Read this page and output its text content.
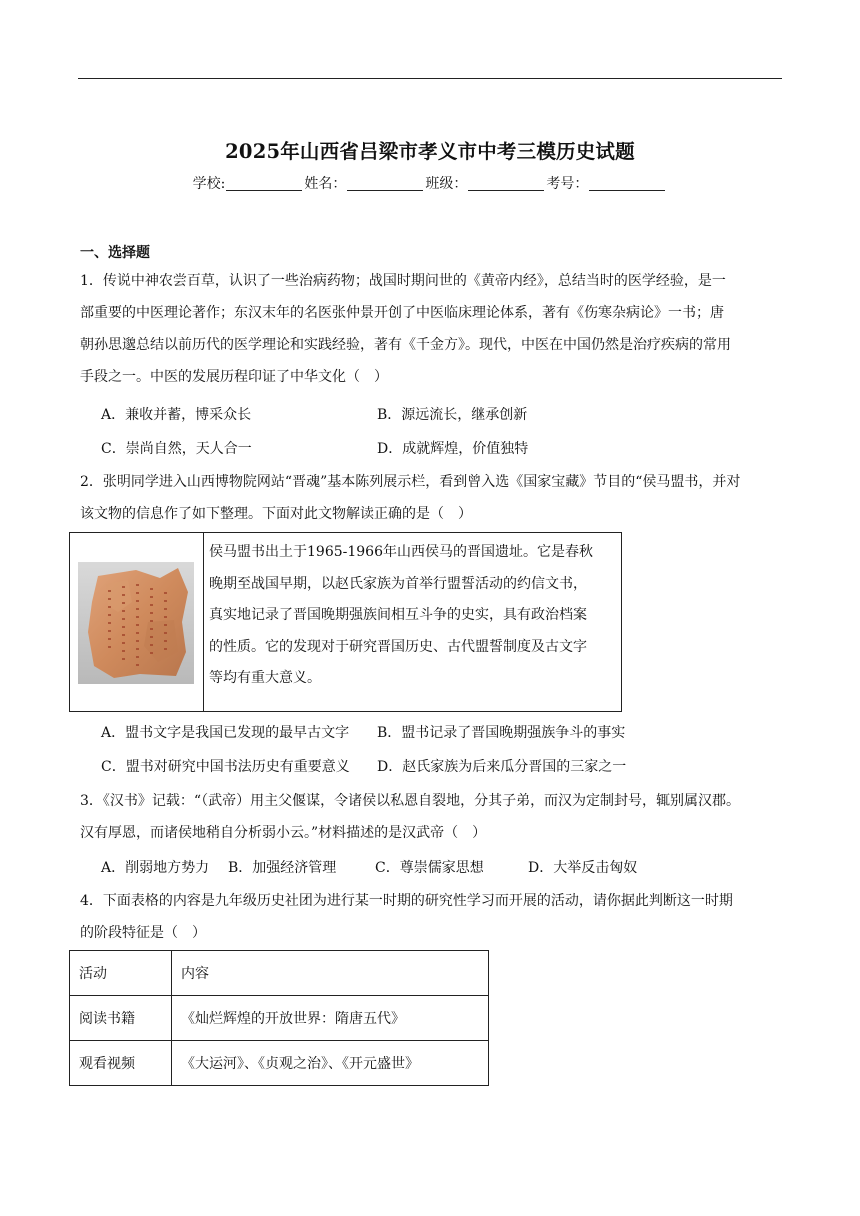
2025年山西省吕梁市孝义市中考三模历史试题
学校:	姓名：	班级：	考号：
一、选择题
1．传说中神农尝百草，认识了一些治病药物；战国时期问世的《黄帝内经》，总结当时的医学经验，是一
部重要的中医理论著作；东汉末年的名医张仲景开创了中医临床理论体系，著有《伤寒杂病论》一书；唐
朝孙思邈总结以前历代的医学理论和实践经验，著有《千金方》。现代，中医在中国仍然是治疗疾病的常用
手段之一。中医的发展历程印证了中华文化（　）
A．兼收并蓄，博采众长	B．源远流长，继承创新
C．崇尚自然，天人合一	D．成就辉煌，价值独特
2．张明同学进入山西博物院网站“晋魂”基本陈列展示栏，看到曾入选《国家宝藏》节目的“侯马盟书，并对
该文物的信息作了如下整理。下面对此文物解读正确的是（　）
侯马盟书出土于1965-1966年山西侯马的晋国遗址。它是春秋
晚期至战国早期，以赵氏家族为首举行盟誓活动的约信文书，
真实地记录了晋国晚期强族间相互斗争的史实，具有政治档案
的性质。它的发现对于研究晋国历史、古代盟誓制度及古文字
等均有重大意义。
A．盟书文字是我国已发现的最早古文字 B．盟书记录了晋国晚期强族争斗的事实
C．盟书对研究中国书法历史有重要意义 D．赵氏家族为后来瓜分晋国的三家之一
3．《汉书》记载：“（武帝）用主父偃谋，令诸侯以私恩自裂地，分其子弟，而汉为定制封号，辄别属汉郡。
汉有厚恩，而诸侯地稍自分析弱小云。”材料描述的是汉武帝（　）
A．削弱地方势力 B．加强经济管理	C．尊崇儒家思想	D．大举反击匈奴
4．下面表格的内容是九年级历史社团为进行某一时期的研究性学习而开展的活动，请你据此判断这一时期
的阶段特征是（　）
活动	内容
阅读书籍	《灿烂辉煌的开放世界：隋唐五代》
观看视频	《大运河》、《贞观之治》、《开元盛世》
